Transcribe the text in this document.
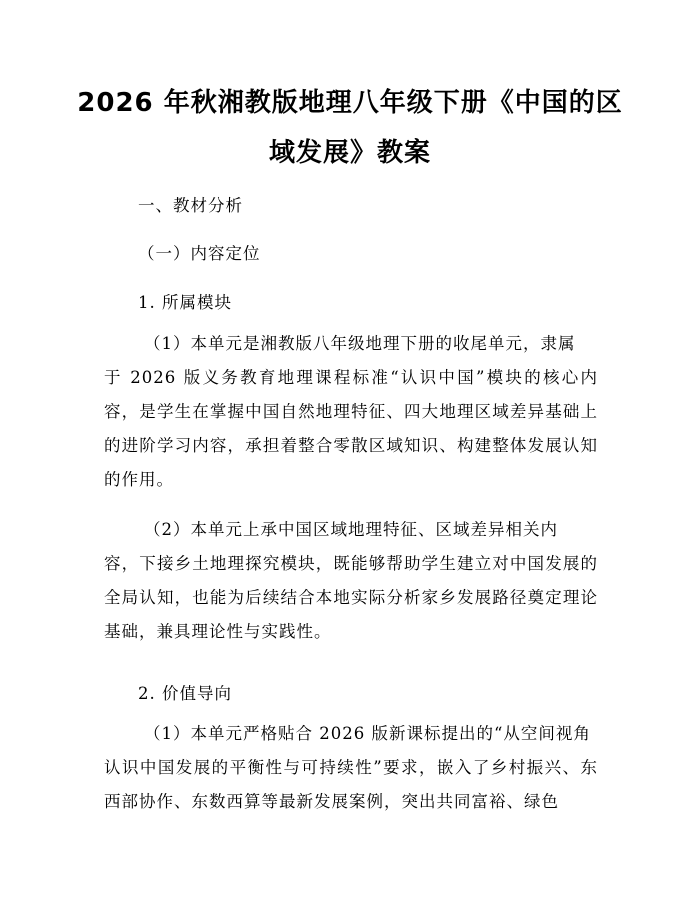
2026 年秋湘教版地理八年级下册《中国的区
域发展》教案
一、教材分析
（一）内容定位
1. 所属模块
（1）本单元是湘教版八年级地理下册的收尾单元，隶属
于 2026 版义务教育地理课程标准“认识中国”模块的核心内容，是学生在掌握中国自然地理特征、四大地理区域差异基础上的进阶学习内容，承担着整合零散区域知识、构建整体发展认知的作用。
（2）本单元上承中国区域地理特征、区域差异相关内
容，下接乡土地理探究模块，既能够帮助学生建立对中国发展的全局认知，也能为后续结合本地实际分析家乡发展路径奠定理论基础，兼具理论性与实践性。
2. 价值导向
（1）本单元严格贴合 2026 版新课标提出的“从空间视角
认识中国发展的平衡性与可持续性”要求，嵌入了乡村振兴、东西部协作、东数西算等最新发展案例，突出共同富裕、绿色
